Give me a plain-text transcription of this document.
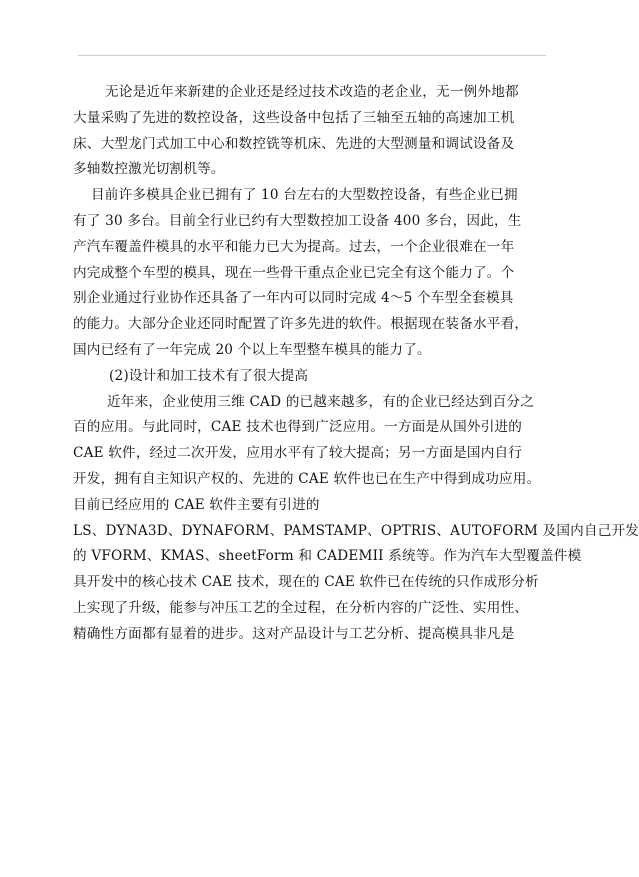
无论是近年来新建的企业还是经过技术改造的老企业，无一例外地都
大量采购了先进的数控设备，这些设备中包括了三轴至五轴的高速加工机
床、大型龙门式加工中心和数控铣等机床、先进的大型测量和调试设备及
多轴数控激光切割机等。
目前许多模具企业已拥有了 10 台左右的大型数控设备，有些企业已拥
有了 30 多台。目前全行业已约有大型数控加工设备 400 多台，因此，生
产汽车覆盖件模具的水平和能力已大为提高。过去，一个企业很难在一年
内完成整个车型的模具，现在一些骨干重点企业已完全有这个能力了。个
别企业通过行业协作还具备了一年内可以同时完成 4～5 个车型全套模具
的能力。大部分企业还同时配置了许多先进的软件。根据现在装备水平看，
国内已经有了一年完成 20 个以上车型整车模具的能力了。
(2)设计和加工技术有了很大提高
近年来，企业使用三维 CAD 的已越来越多，有的企业已经达到百分之
百的应用。与此同时，CAE 技术也得到广泛应用。一方面是从国外引进的
CAE 软件，经过二次开发，应用水平有了较大提高；另一方面是国内自行
开发，拥有自主知识产权的、先进的 CAE 软件也已在生产中得到成功应用。
目前已经应用的 CAE 软件主要有引进的
LS、DYNA3D、DYNAFORM、PAMSTAMP、OPTRIS、AUTOFORM 及国内自己开发
的 VFORM、KMAS、sheetForm 和 CADEMII 系统等。作为汽车大型覆盖件模
具开发中的核心技术 CAE 技术，现在的 CAE 软件已在传统的只作成形分析
上实现了升级，能参与冲压工艺的全过程，在分析内容的广泛性、实用性、
精确性方面都有显着的进步。这对产品设计与工艺分析、提高模具非凡是
